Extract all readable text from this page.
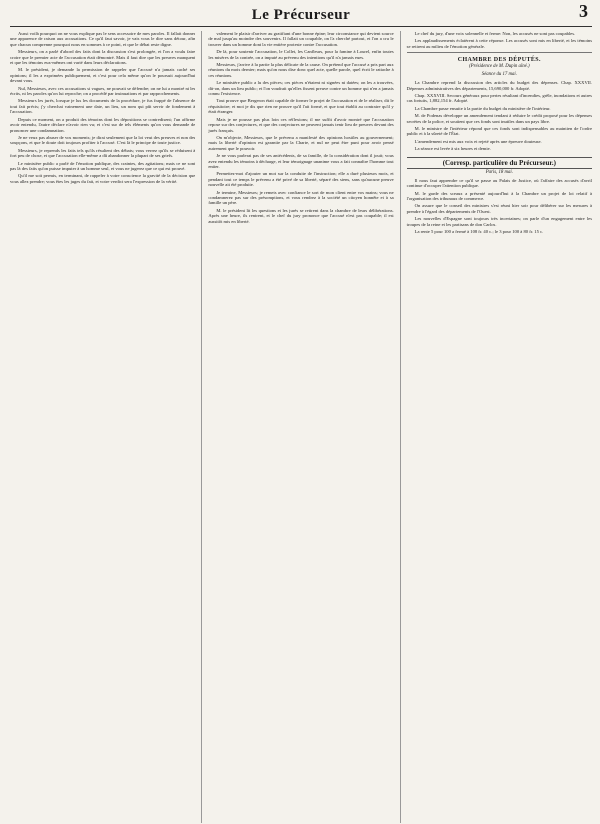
Le Précurseur	3

Aussi voilà pourquoi on ne vous explique pas le sens accessoire de mes paroles. Il fallait donner une apparence de raison aux accusations. Ce qu'il faut savoir, je vais vous le dire sans détour, afin que chacun comprenne pourquoi nous en sommes à ce point, et que le débat reste digne.

Messieurs, on a parlé d'abord des faits dont la discussion s'est prolongée, et l'on a voulu faire croire que le premier acte de l'accusation était démontré. Mais il faut dire que les preuves manquent et que les témoins eux-mêmes ont varié dans leurs déclarations.

M. le président, je demande la permission de rappeler que l'accusé n'a jamais caché ses opinions; il les a exprimées publiquement, et c'est pour cela même qu'on le poursuit aujourd'hui devant vous.

Nul, Messieurs, avec ces accusations si vagues, ne pouvait se défendre; on ne lui a montré ni les écrits, ni les paroles qu'on lui reproche; on a procédé par insinuations et par rapprochements.

Messieurs les jurés, lorsque je lus les documents de la procédure, je fus frappé de l'absence de tout fait précis; j'y cherchai vainement une date, un lieu, un nom qui pût servir de fondement à l'accusation.

Depuis ce moment, on a produit des témoins dont les dépositions se contredisent; l'un affirme avoir entendu, l'autre déclare n'avoir rien vu; et c'est sur de tels éléments qu'on vous demande de prononcer une condamnation.

Je ne veux pas abuser de vos moments; je dirai seulement que la loi veut des preuves et non des soupçons, et que le doute doit toujours profiter à l'accusé. C'est là le principe de toute justice.

Messieurs, je reprends les faits tels qu'ils résultent des débats; vous verrez qu'ils se réduisent à fort peu de chose, et que l'accusation elle-même a dû abandonner la plupart de ses griefs.

Le ministère public a parlé de l'émotion publique, des craintes, des agitations; mais ce ne sont pas là des faits qu'on puisse imputer à un homme seul, et vous ne jugerez que ce qui est prouvé.

Qu'il me soit permis, en terminant, de rappeler à votre conscience la gravité de la décision que vous allez prendre; vous êtes les juges du fait, et votre verdict sera l'expression de la vérité.

valement le plaisir d'arriver au gratifiant d'une bonne épine; leur circonstance qui devient source de mal jusqu'au moindre des souvenirs. Il fallait un coupable, on l'a cherché partout, et l'on a cru le trouver dans un homme dont la vie entière proteste contre l'accusation.

De là, pour soutenir l'accusation, le Collet, les Canfleurs, pour la famine à Lourel, enfin toutes les misères de la contrée, on a imputé au prévenu des intentions qu'il n'a jamais eues.

Messieurs, j'arrive à la partie la plus délicate de la cause. On prétend que l'accusé a pris part aux réunions du mois dernier; mais qu'on nous dise donc quel acte, quelle parole, quel écrit le rattache à ces réunions.

Le ministère public a lu des pièces; ces pièces n'étaient ni signées ni datées; on les a trouvées, dit-on, dans un lieu public; et l'on voudrait qu'elles fissent preuve contre un homme qui n'en a jamais connu l'existence.

Tout prouve que Bergeron était capable de former le projet de l'accusation et de le réaliser, dit le réquisitoire; et moi je dis que rien ne prouve qu'il l'ait formé, et que tout établit au contraire qu'il y était étranger.

Mais je ne pousse pas plus loin ces réflexions; il me suffit d'avoir montré que l'accusation repose sur des conjectures, et que des conjectures ne peuvent jamais tenir lieu de preuves devant des jurés français.

On m'objecte, Messieurs, que le prévenu a manifesté des opinions hostiles au gouvernement; mais la liberté d'opinion est garantie par la Charte, et nul ne peut être puni pour avoir pensé autrement que le pouvoir.

Je ne vous parlerai pas de ses antécédents, de sa famille, de la considération dont il jouit; vous avez entendu les témoins à décharge, et leur témoignage unanime vous a fait connaître l'homme tout entier.

Permettez-moi d'ajouter un mot sur la conduite de l'instruction; elle a duré plusieurs mois, et pendant tout ce temps le prévenu a été privé de sa liberté, séparé des siens, sans qu'aucune preuve nouvelle ait été produite.

Je termine, Messieurs; je remets avec confiance le sort de mon client entre vos mains; vous ne condamnerez pas sur des présomptions, et vous rendrez à la société un citoyen honnête et à sa famille un père.

M. le président lit les questions et les jurés se retirent dans la chambre de leurs délibérations. Après une heure, ils rentrent, et le chef du jury prononce que l'accusé n'est pas coupable; il est aussitôt mis en liberté.

Le chef du jury, d'une voix solennelle et ferme: Non, les accusés ne sont pas coupables.

Les applaudissements éclatèrent à cette réponse. Les accusés sont mis en liberté, et les témoins se retirent au milieu de l'émotion générale.

CHAMBRE DES DÉPUTÉS.
(Présidence de M. Dupin aîné.)
Séance du 17 mai.

La Chambre reprend la discussion des articles du budget des dépenses. Chap. XXXVII. Dépenses administratives des départements, 15,690,000 fr. Adopté.

Chap. XXXVIII. Secours généraux pour pertes résultant d'incendies, grêle, inondations et autres cas fortuits, 1,882,154 fr. Adopté.

La Chambre passe ensuite à la partie du budget du ministère de l'intérieur.

M. de Podenas développe un amendement tendant à réduire le crédit proposé pour les dépenses secrètes de la police, et soutient que ces fonds sont inutiles dans un pays libre.

M. le ministre de l'intérieur répond que ces fonds sont indispensables au maintien de l'ordre public et à la sûreté de l'État.

L'amendement est mis aux voix et rejeté après une épreuve douteuse.

La séance est levée à six heures et demie.

(Corresp. particulière du Précurseur.)
Paris, 18 mai.

Il nous faut apprendre ce qu'il se passe au Palais de Justice, où l'affaire des accusés d'avril continue d'occuper l'attention publique.

M. le garde des sceaux a présenté aujourd'hui à la Chambre un projet de loi relatif à l'organisation des tribunaux de commerce.

On assure que le conseil des ministres s'est réuni hier soir pour délibérer sur les mesures à prendre à l'égard des départements de l'Ouest.

Les nouvelles d'Espagne sont toujours très incertaines; on parle d'un engagement entre les troupes de la reine et les partisans de don Carlos.

La rente 5 pour 100 a fermé à 108 fr. 40 c.; le 3 pour 100 à 80 fr. 15 c.
